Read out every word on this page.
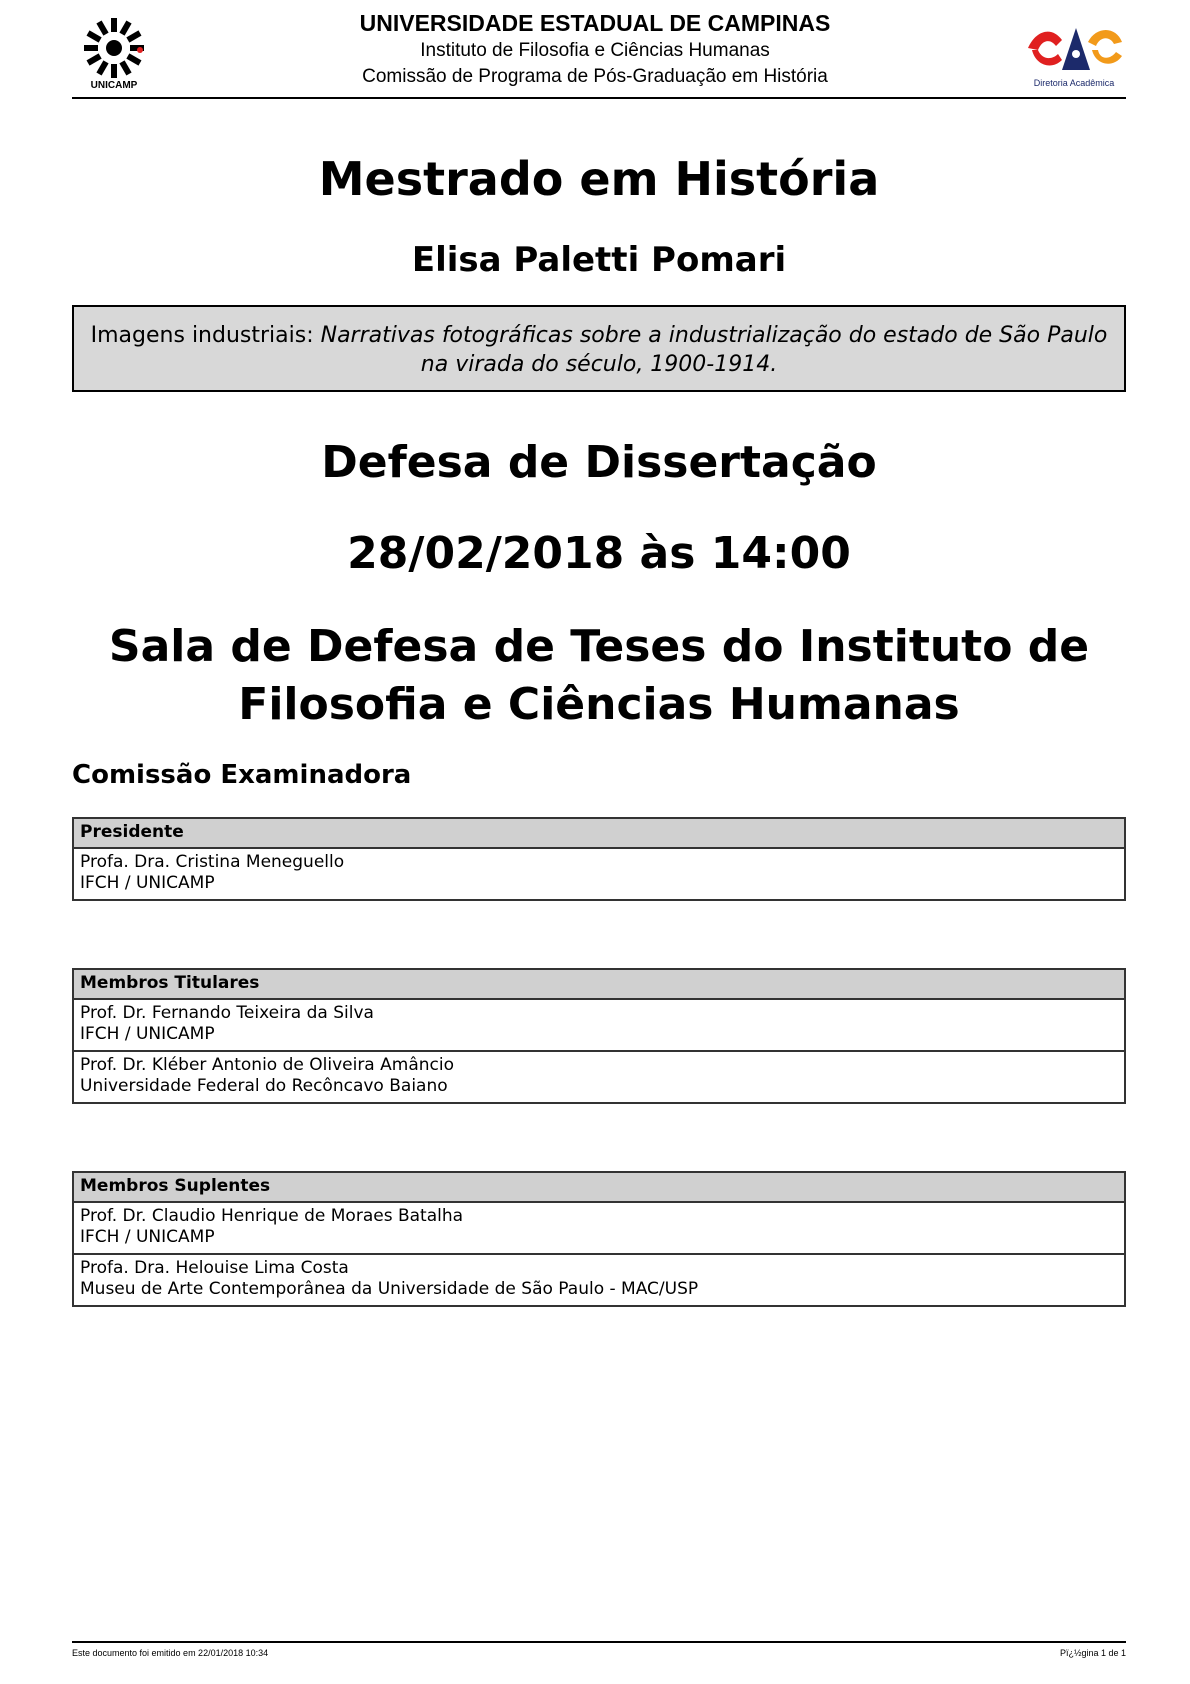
UNICAMP
UNIVERSIDADE ESTADUAL DE CAMPINAS
Instituto de Filosofia e Ciências Humanas
Comissão de Programa de Pós-Graduação em História	Diretoria Acadêmica
Mestrado em História
Elisa Paletti Pomari
Imagens industriais: Narrativas fotográficas sobre a industrialização do estado de São Paulo na virada do século, 1900-1914.
Defesa de Dissertação
28/02/2018 às 14:00
Sala de Defesa de Teses do Instituto de
Filosofia e Ciências Humanas
Comissão Examinadora
Presidente

Profa. Dra. Cristina Meneguello
IFCH / UNICAMP
Membros Titulares

Prof. Dr. Fernando Teixeira da Silva
IFCH / UNICAMP

Prof. Dr. Kléber Antonio de Oliveira Amâncio
Universidade Federal do Recôncavo Baiano
Membros Suplentes

Prof. Dr. Claudio Henrique de Moraes Batalha
IFCH / UNICAMP

Profa. Dra. Helouise Lima Costa
Museu de Arte Contemporânea da Universidade de São Paulo - MAC/USP
Este documento foi emitido em 22/01/2018 10:34	Pï¿½gina 1 de 1
